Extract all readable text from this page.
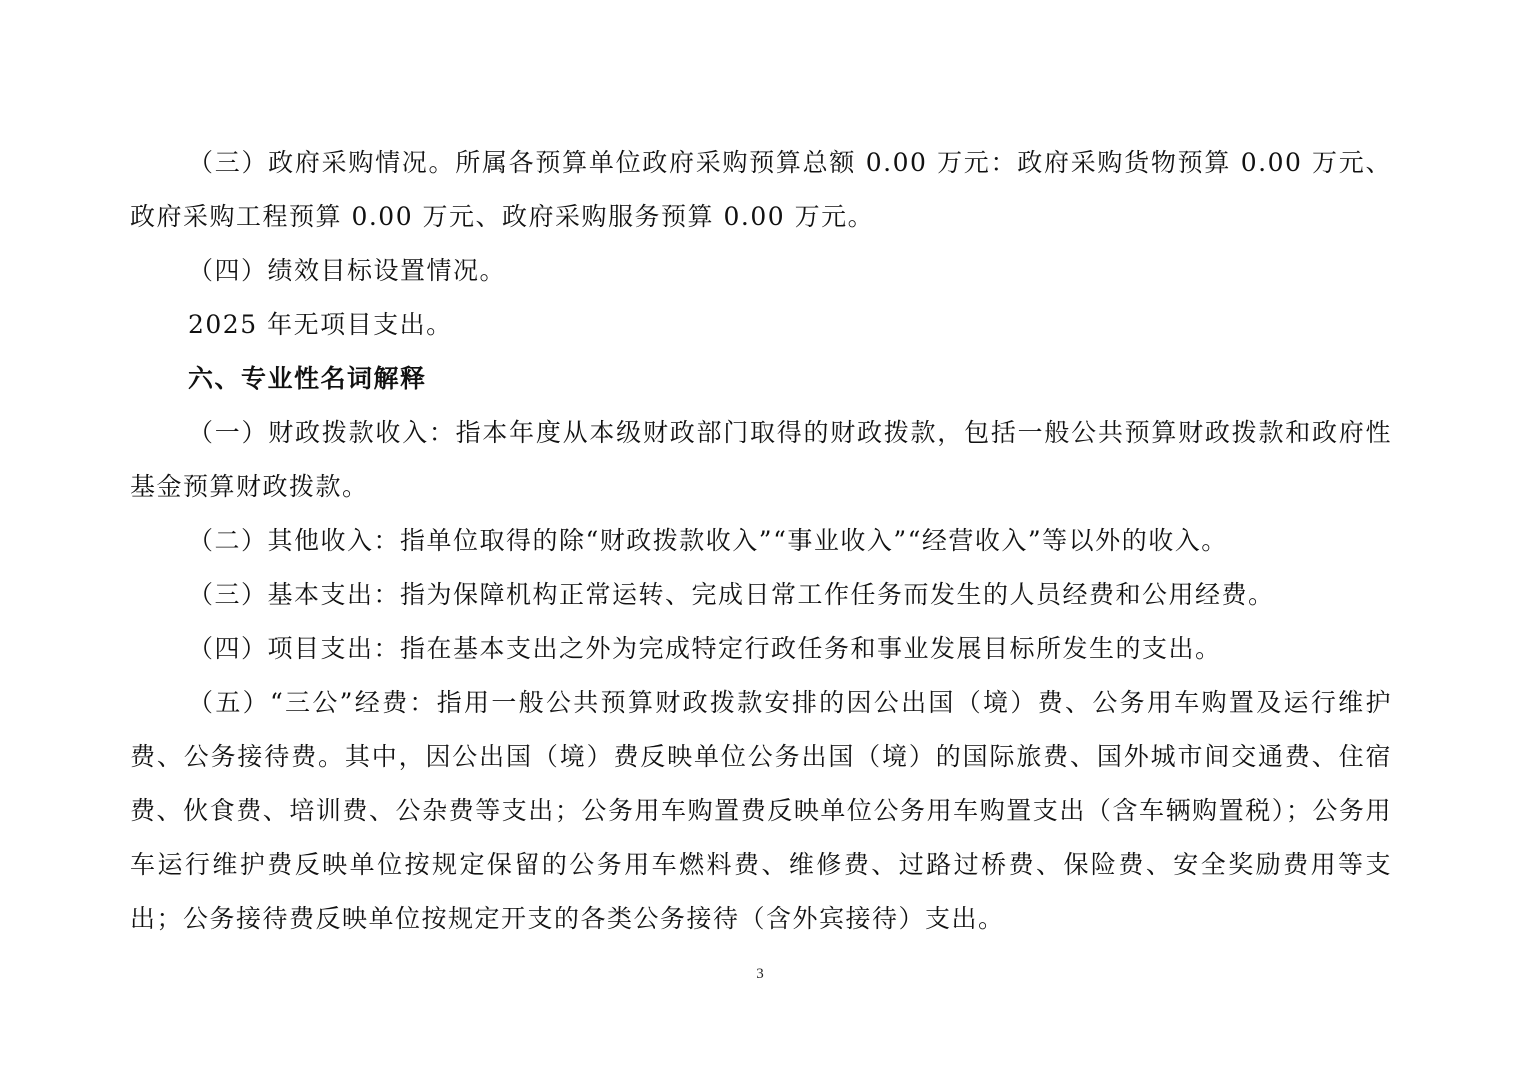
（三）政府采购情况。所属各预算单位政府采购预算总额 0.00 万元：政府采购货物预算 0.00 万元、政府采购工程预算 0.00 万元、政府采购服务预算 0.00 万元。

（四）绩效目标设置情况。

2025 年无项目支出。

六、专业性名词解释

（一）财政拨款收入：指本年度从本级财政部门取得的财政拨款，包括一般公共预算财政拨款和政府性基金预算财政拨款。

（二）其他收入：指单位取得的除“财政拨款收入”“事业收入”“经营收入”等以外的收入。

（三）基本支出：指为保障机构正常运转、完成日常工作任务而发生的人员经费和公用经费。

（四）项目支出：指在基本支出之外为完成特定行政任务和事业发展目标所发生的支出。

（五）“三公”经费：指用一般公共预算财政拨款安排的因公出国（境）费、公务用车购置及运行维护费、公务接待费。其中，因公出国（境）费反映单位公务出国（境）的国际旅费、国外城市间交通费、住宿费、伙食费、培训费、公杂费等支出；公务用车购置费反映单位公务用车购置支出（含车辆购置税）；公务用车运行维护费反映单位按规定保留的公务用车燃料费、维修费、过路过桥费、保险费、安全奖励费用等支出；公务接待费反映单位按规定开支的各类公务接待（含外宾接待）支出。

3
